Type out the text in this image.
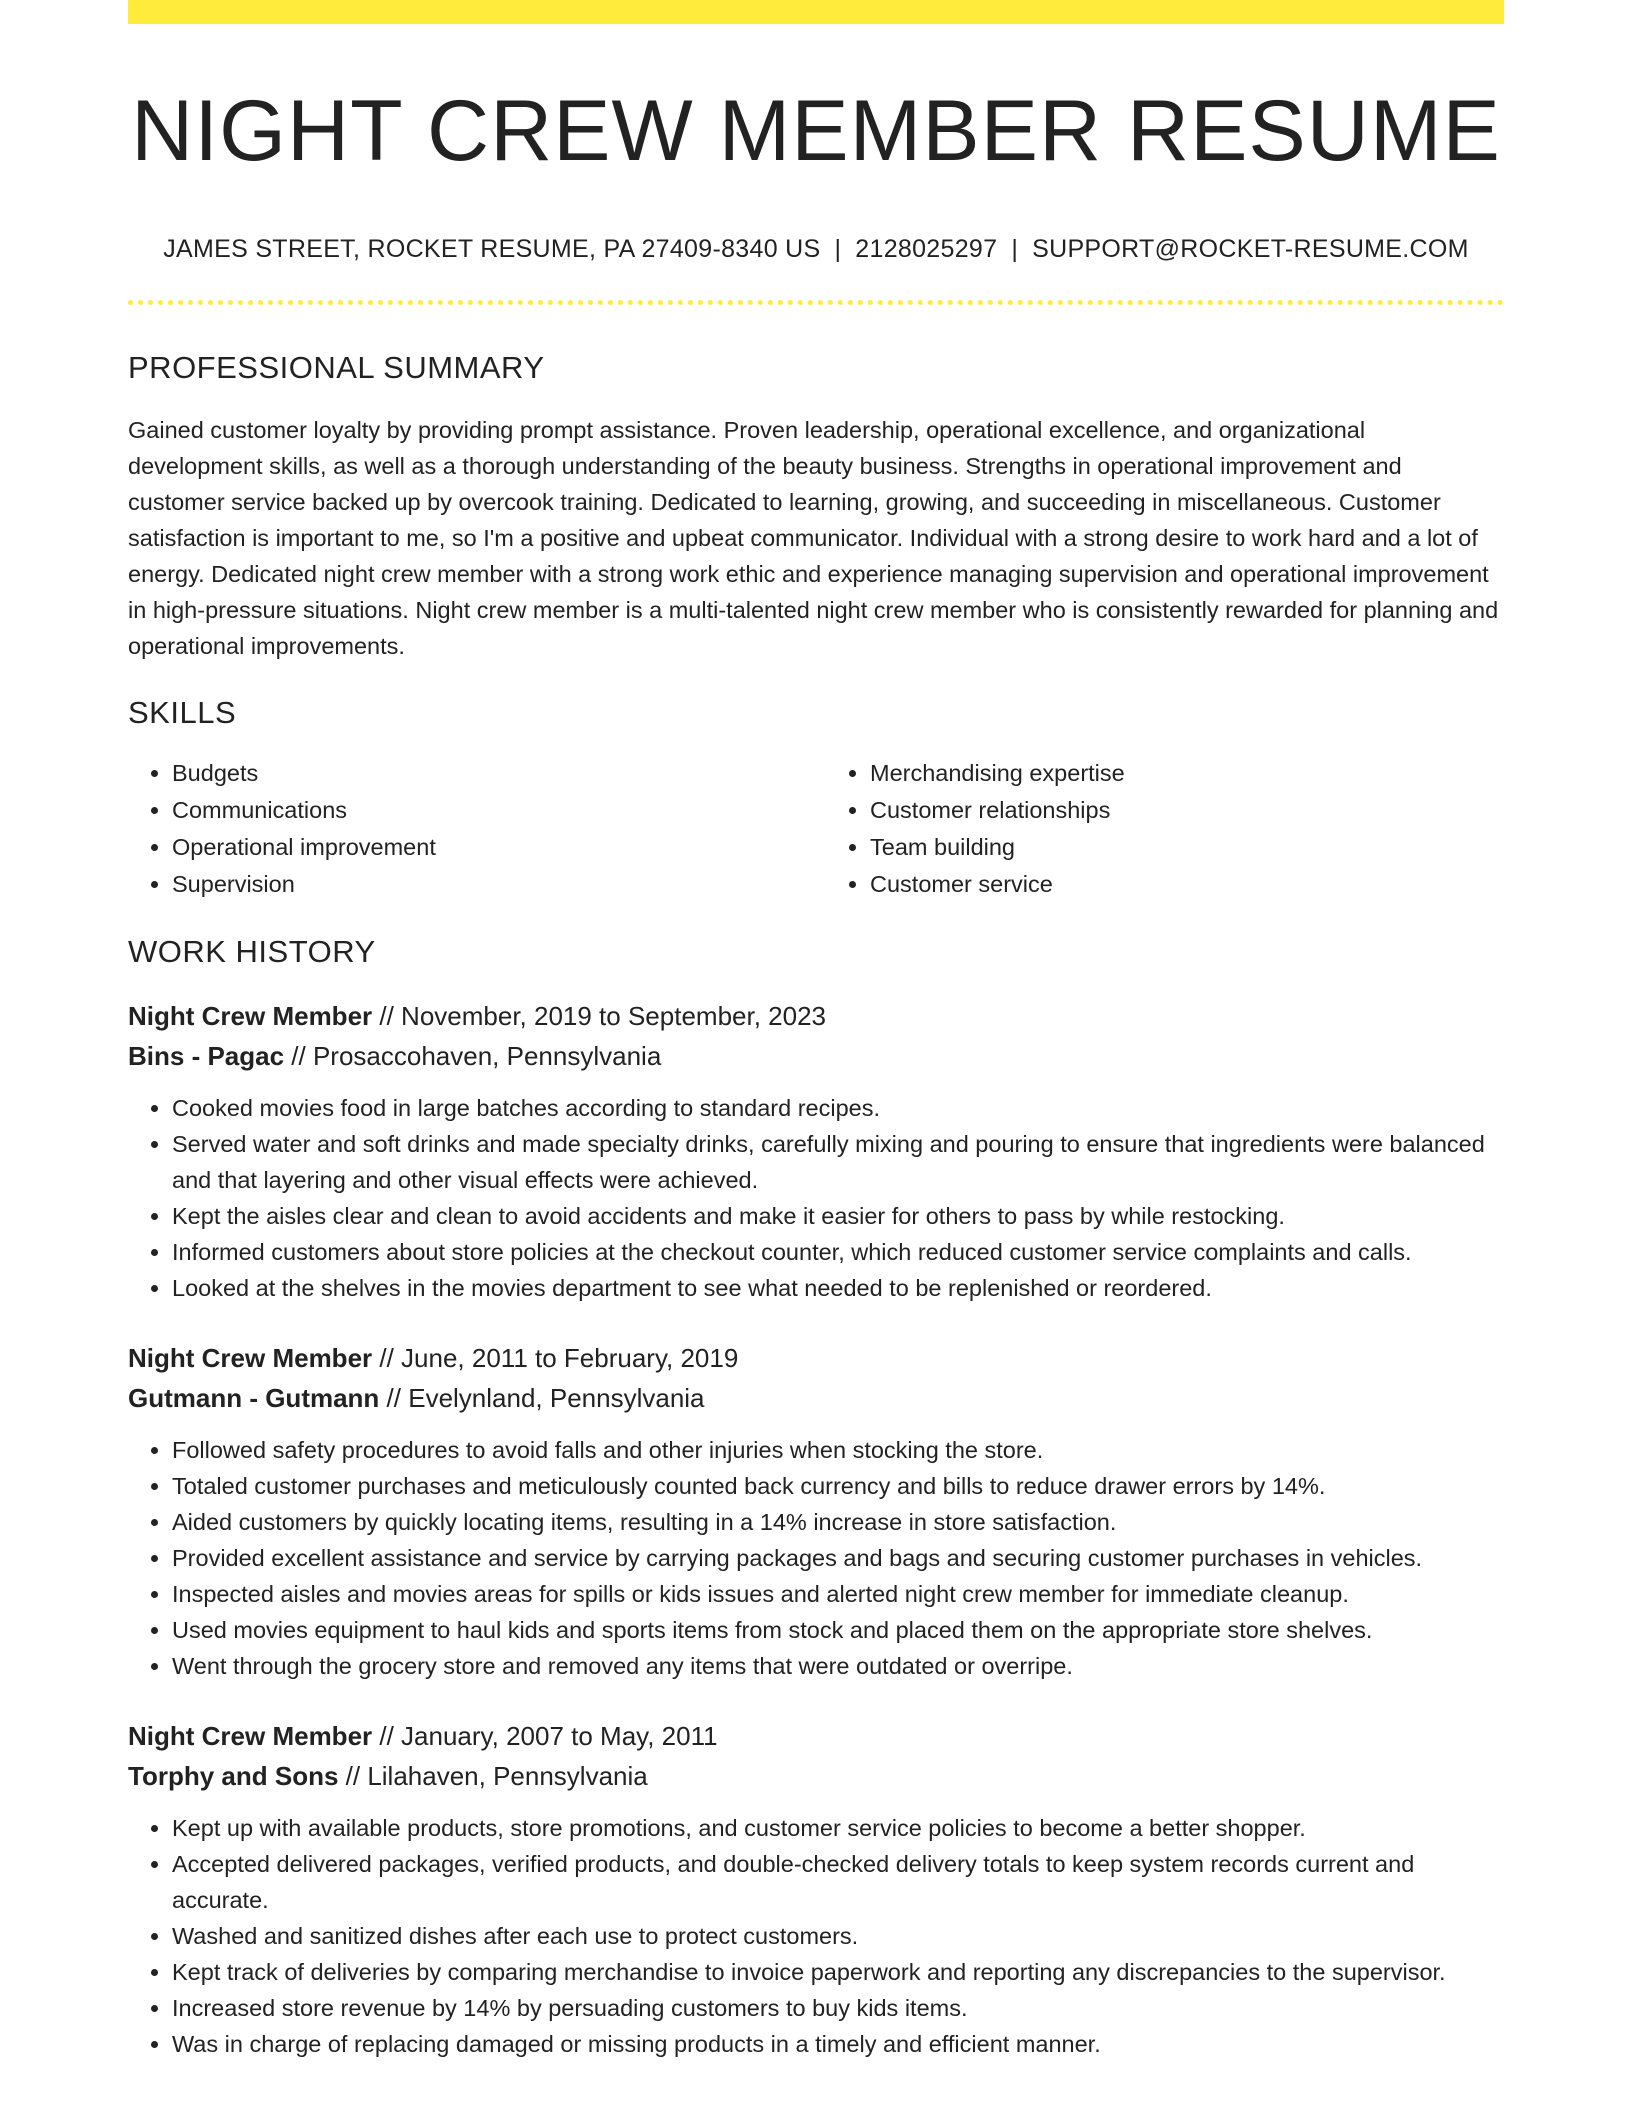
NIGHT CREW MEMBER RESUME
JAMES STREET, ROCKET RESUME, PA 27409-8340 US | 2128025297 | SUPPORT@ROCKET-RESUME.COM
PROFESSIONAL SUMMARY

Gained customer loyalty by providing prompt assistance. Proven leadership, operational excellence, and organizational development skills, as well as a thorough understanding of the beauty business. Strengths in operational improvement and customer service backed up by overcook training. Dedicated to learning, growing, and succeeding in miscellaneous. Customer satisfaction is important to me, so I'm a positive and upbeat communicator. Individual with a strong desire to work hard and a lot of energy. Dedicated night crew member with a strong work ethic and experience managing supervision and operational improvement in high-pressure situations. Night crew member is a multi-talented night crew member who is consistently rewarded for planning and operational improvements.

SKILLS
• Budgets
• Communications
• Operational improvement
• Supervision
• Merchandising expertise
• Customer relationships
• Team building
• Customer service
WORK HISTORY
Night Crew Member // November, 2019 to September, 2023
Bins - Pagac // Prosaccohaven, Pennsylvania
• Cooked movies food in large batches according to standard recipes.
• Served water and soft drinks and made specialty drinks, carefully mixing and pouring to ensure that ingredients were balanced and that layering and other visual effects were achieved.
• Kept the aisles clear and clean to avoid accidents and make it easier for others to pass by while restocking.
• Informed customers about store policies at the checkout counter, which reduced customer service complaints and calls.
• Looked at the shelves in the movies department to see what needed to be replenished or reordered.
Night Crew Member // June, 2011 to February, 2019
Gutmann - Gutmann // Evelynland, Pennsylvania
• Followed safety procedures to avoid falls and other injuries when stocking the store.
• Totaled customer purchases and meticulously counted back currency and bills to reduce drawer errors by 14%.
• Aided customers by quickly locating items, resulting in a 14% increase in store satisfaction.
• Provided excellent assistance and service by carrying packages and bags and securing customer purchases in vehicles.
• Inspected aisles and movies areas for spills or kids issues and alerted night crew member for immediate cleanup.
• Used movies equipment to haul kids and sports items from stock and placed them on the appropriate store shelves.
• Went through the grocery store and removed any items that were outdated or overripe.
Night Crew Member // January, 2007 to May, 2011
Torphy and Sons // Lilahaven, Pennsylvania
• Kept up with available products, store promotions, and customer service policies to become a better shopper.
• Accepted delivered packages, verified products, and double-checked delivery totals to keep system records current and accurate.
• Washed and sanitized dishes after each use to protect customers.
• Kept track of deliveries by comparing merchandise to invoice paperwork and reporting any discrepancies to the supervisor.
• Increased store revenue by 14% by persuading customers to buy kids items.
• Was in charge of replacing damaged or missing products in a timely and efficient manner.
